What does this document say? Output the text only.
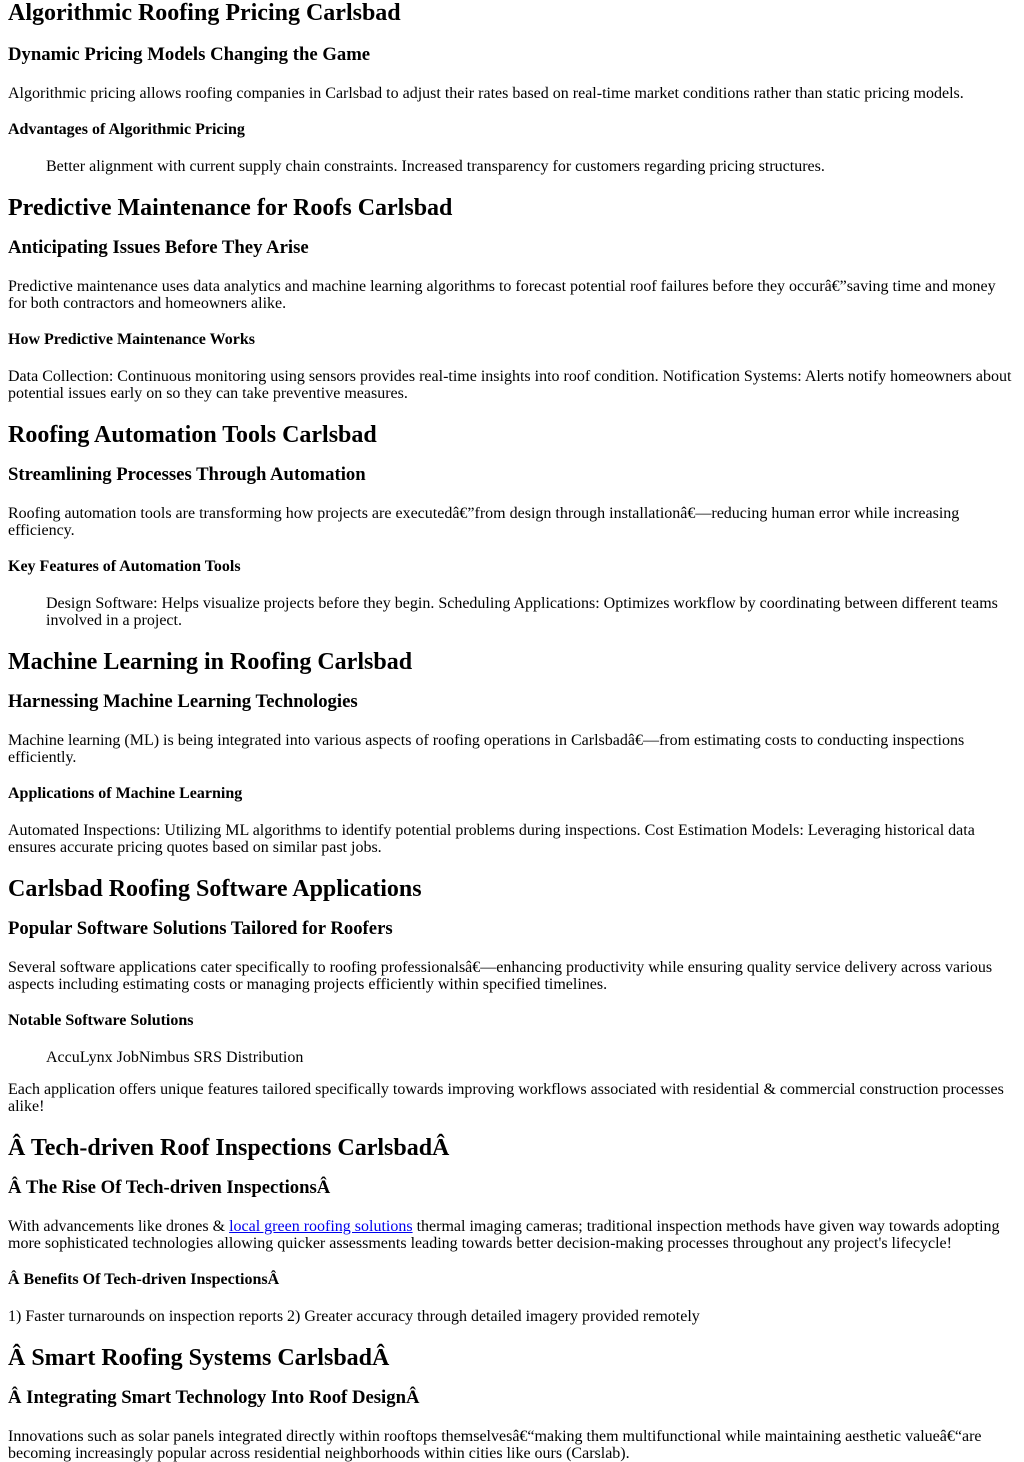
Algorithmic Roofing Pricing Carlsbad
Dynamic Pricing Models Changing the Game

Algorithmic pricing allows roofing companies in Carlsbad to adjust their rates based on real-time market conditions rather than static pricing models.

Advantages of Algorithmic Pricing

Better alignment with current supply chain constraints. Increased transparency for customers regarding pricing structures.

Predictive Maintenance for Roofs Carlsbad
Anticipating Issues Before They Arise

Predictive maintenance uses data analytics and machine learning algorithms to forecast potential roof failures before they occurâ€”saving time and money for both contractors and homeowners alike.

How Predictive Maintenance Works

Data Collection: Continuous monitoring using sensors provides real-time insights into roof condition. Notification Systems: Alerts notify homeowners about potential issues early on so they can take preventive measures.

Roofing Automation Tools Carlsbad
Streamlining Processes Through Automation

Roofing automation tools are transforming how projects are executedâ€”from design through installationâ€—reducing human error while increasing efficiency.

Key Features of Automation Tools

Design Software: Helps visualize projects before they begin. Scheduling Applications: Optimizes workflow by coordinating between different teams involved in a project.

Machine Learning in Roofing Carlsbad
Harnessing Machine Learning Technologies

Machine learning (ML) is being integrated into various aspects of roofing operations in Carlsbadâ€—from estimating costs to conducting inspections efficiently.

Applications of Machine Learning

Automated Inspections: Utilizing ML algorithms to identify potential problems during inspections. Cost Estimation Models: Leveraging historical data ensures accurate pricing quotes based on similar past jobs.

Carlsbad Roofing Software Applications
Popular Software Solutions Tailored for Roofers

Several software applications cater specifically to roofing professionalsâ€—enhancing productivity while ensuring quality service delivery across various aspects including estimating costs or managing projects efficiently within specified timelines.

Notable Software Solutions

AccuLynx JobNimbus SRS Distribution

Each application offers unique features tailored specifically towards improving workflows associated with residential & commercial construction processes alike!

Â Tech-driven Roof Inspections CarlsbadÂ
Â The Rise Of Tech-driven InspectionsÂ

With advancements like drones & local green roofing solutions thermal imaging cameras; traditional inspection methods have given way towards adopting more sophisticated technologies allowing quicker assessments leading towards better decision-making processes throughout any project's lifecycle!

Â Benefits Of Tech-driven InspectionsÂ

1) Faster turnarounds on inspection reports 2) Greater accuracy through detailed imagery provided remotely

Â Smart Roofing Systems CarlsbadÂ
Â Integrating Smart Technology Into Roof DesignÂ

Innovations such as solar panels integrated directly within rooftops themselvesâ€“making them multifunctional while maintaining aesthetic valueâ€“are becoming increasingly popular across residential neighborhoods within cities like ours (Carslab).
